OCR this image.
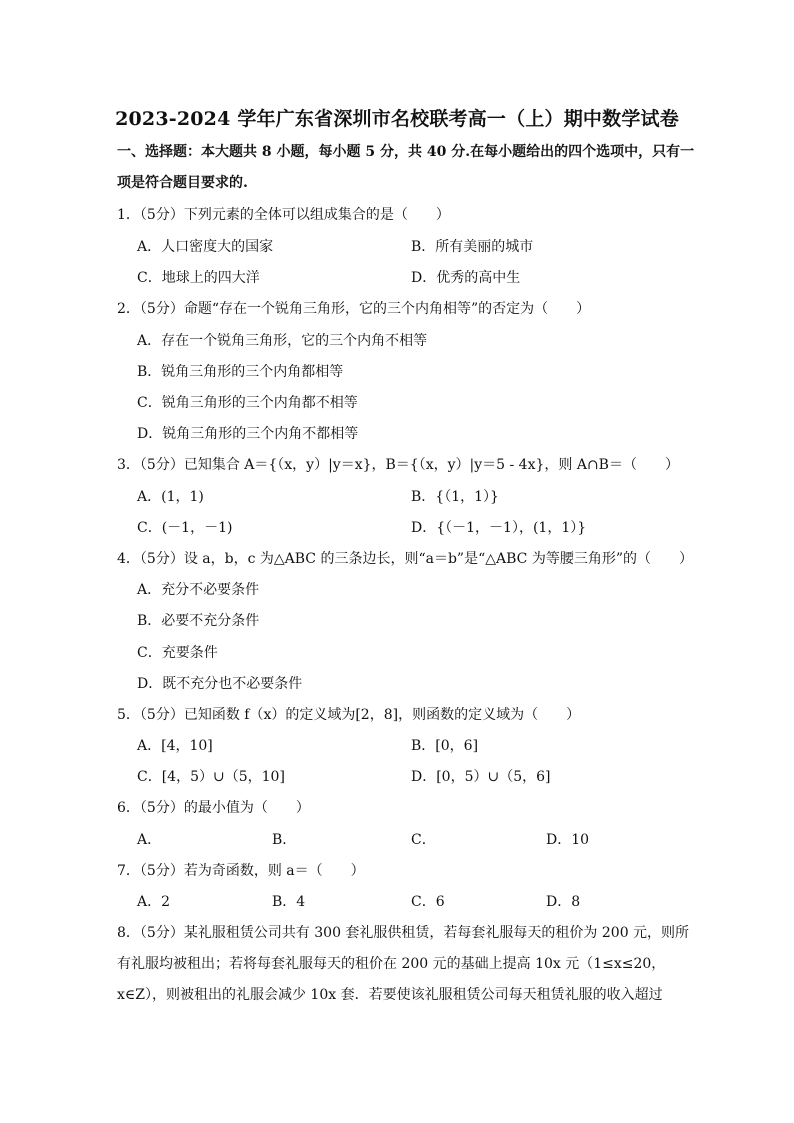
2023-2024 学年广东省深圳市名校联考高一（上）期中数学试卷
一、选择题：本大题共 8 小题，每小题 5 分，共 40 分.在每小题给出的四个选项中，只有一
项是符合题目要求的.
1．（5分）下列元素的全体可以组成集合的是（　　）
A．人口密度大的国家	B．所有美丽的城市
C．地球上的四大洋	D．优秀的高中生
2．（5分）命题“存在一个锐角三角形，它的三个内角相等”的否定为（　　）
A．存在一个锐角三角形，它的三个内角不相等
B．锐角三角形的三个内角都相等
C．锐角三角形的三个内角都不相等
D．锐角三角形的三个内角不都相等
3．（5分）已知集合 A＝{（x，y）|y＝x}，B＝{（x，y）|y＝5 - 4x}，则 A∩B＝（　　）
A．(1，1)	B．{（1，1）}
C．(－1，－1)	D．{（－1，－1），(1，1）}
4．（5分）设 a，b，c 为△ABC 的三条边长，则“a＝b”是“△ABC 为等腰三角形”的（　　）
A．充分不必要条件
B．必要不充分条件
C．充要条件
D．既不充分也不必要条件
5．（5分）已知函数 f（x）的定义域为[2，8]，则函数的定义域为（　　）
A．[4，10]	B．[0，6]
C．[4，5）∪（5，10]	D．[0，5）∪（5，6]
6．（5分）的最小值为（　　）
A．	B．	C．	D．10
7．（5分）若为奇函数，则 a＝（　　）
A．2	B．4	C．6	D．8
8．（5分）某礼服租赁公司共有 300 套礼服供租赁，若每套礼服每天的租价为 200 元，则所
有礼服均被租出；若将每套礼服每天的租价在 200 元的基础上提高 10x 元（1≤x≤20，
x∈Z），则被租出的礼服会减少 10x 套．若要使该礼服租赁公司每天租赁礼服的收入超过
